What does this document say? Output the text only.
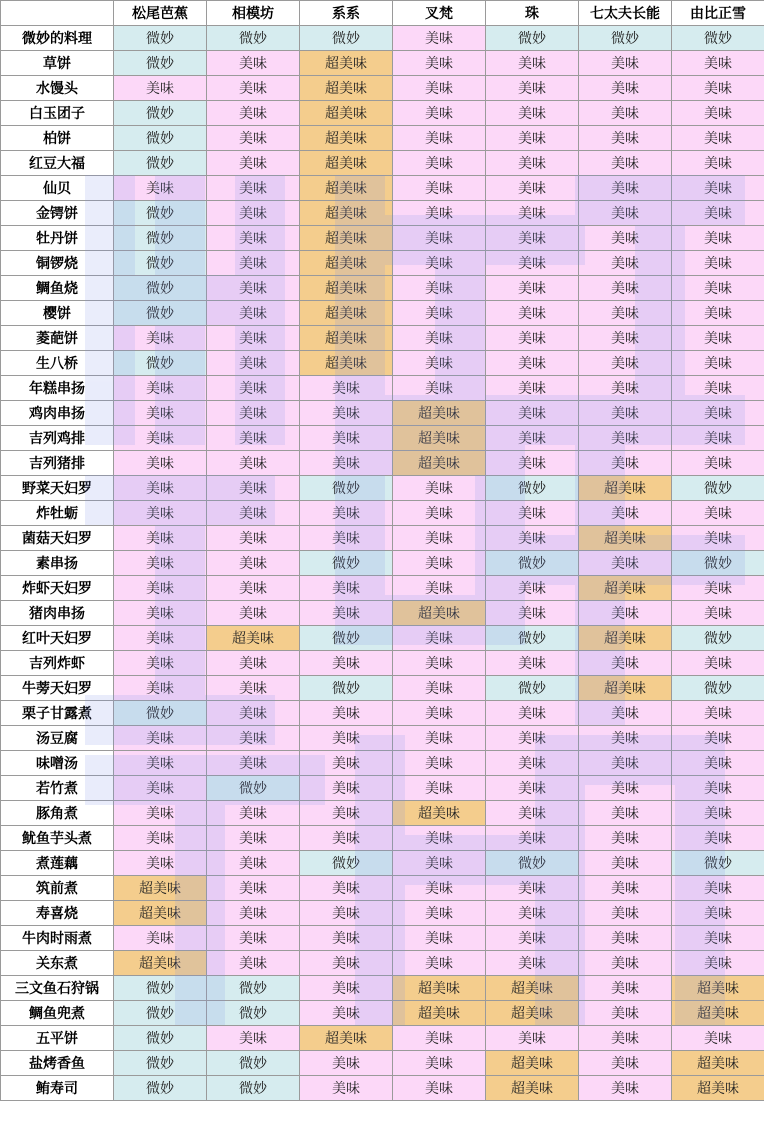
	松尾芭蕉	相模坊	系系	叉梵	珠	七太夫长能	由比正雪
微妙的料理	微妙	微妙	微妙	美味	微妙	微妙	微妙
草饼	微妙	美味	超美味	美味	美味	美味	美味
水馒头	美味	美味	超美味	美味	美味	美味	美味
白玉团子	微妙	美味	超美味	美味	美味	美味	美味
柏饼	微妙	美味	超美味	美味	美味	美味	美味
红豆大福	微妙	美味	超美味	美味	美味	美味	美味
仙贝	美味	美味	超美味	美味	美味	美味	美味
金锷饼	微妙	美味	超美味	美味	美味	美味	美味
牡丹饼	微妙	美味	超美味	美味	美味	美味	美味
铜锣烧	微妙	美味	超美味	美味	美味	美味	美味
鲷鱼烧	微妙	美味	超美味	美味	美味	美味	美味
樱饼	微妙	美味	超美味	美味	美味	美味	美味
菱葩饼	美味	美味	超美味	美味	美味	美味	美味
生八桥	微妙	美味	超美味	美味	美味	美味	美味
年糕串扬	美味	美味	美味	美味	美味	美味	美味
鸡肉串扬	美味	美味	美味	超美味	美味	美味	美味
吉列鸡排	美味	美味	美味	超美味	美味	美味	美味
吉列猪排	美味	美味	美味	超美味	美味	美味	美味
野菜天妇罗	美味	美味	微妙	美味	微妙	超美味	微妙
炸牡蛎	美味	美味	美味	美味	美味	美味	美味
菌菇天妇罗	美味	美味	美味	美味	美味	超美味	美味
素串扬	美味	美味	微妙	美味	微妙	美味	微妙
炸虾天妇罗	美味	美味	美味	美味	美味	超美味	美味
猪肉串扬	美味	美味	美味	超美味	美味	美味	美味
红叶天妇罗	美味	超美味	微妙	美味	微妙	超美味	微妙
吉列炸虾	美味	美味	美味	美味	美味	美味	美味
牛蒡天妇罗	美味	美味	微妙	美味	微妙	超美味	微妙
栗子甘露煮	微妙	美味	美味	美味	美味	美味	美味
汤豆腐	美味	美味	美味	美味	美味	美味	美味
味噌汤	美味	美味	美味	美味	美味	美味	美味
若竹煮	美味	微妙	美味	美味	美味	美味	美味
豚角煮	美味	美味	美味	超美味	美味	美味	美味
鱿鱼芋头煮	美味	美味	美味	美味	美味	美味	美味
煮莲藕	美味	美味	微妙	美味	微妙	美味	微妙
筑前煮	超美味	美味	美味	美味	美味	美味	美味
寿喜烧	超美味	美味	美味	美味	美味	美味	美味
牛肉时雨煮	美味	美味	美味	美味	美味	美味	美味
关东煮	超美味	美味	美味	美味	美味	美味	美味
三文鱼石狩锅	微妙	微妙	美味	超美味	超美味	美味	超美味
鲷鱼兜煮	微妙	微妙	美味	超美味	超美味	美味	超美味
五平饼	微妙	美味	超美味	美味	美味	美味	美味
盐烤香鱼	微妙	微妙	美味	美味	超美味	美味	超美味
鲔寿司	微妙	微妙	美味	美味	超美味	美味	超美味
